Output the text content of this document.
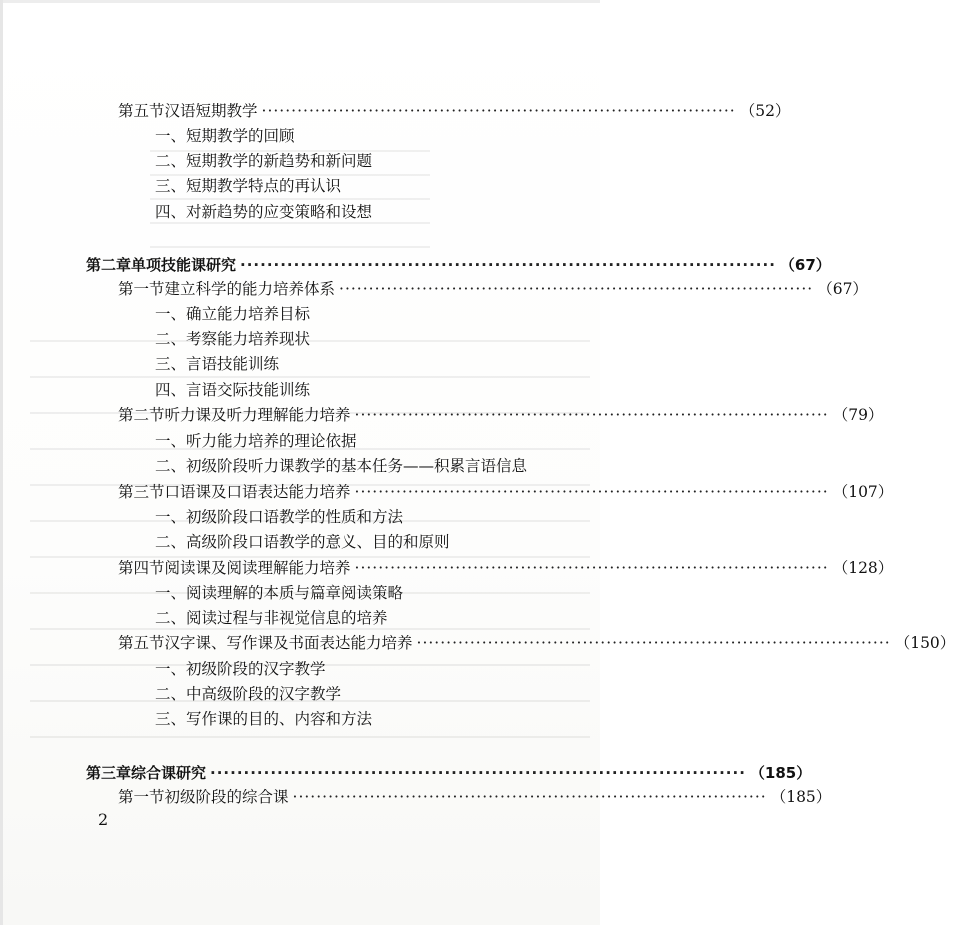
第五节 汉语短期教学 ················································································ （52）
一、短期教学的回顾
二、短期教学的新趋势和新问题
三、短期教学特点的再认识
四、对新趋势的应变策略和设想
第二章 单项技能课研究 ················································································ （67）
第一节 建立科学的能力培养体系 ················································································ （67）
一、确立能力培养目标
二、考察能力培养现状
三、言语技能训练
四、言语交际技能训练
第二节 听力课及听力理解能力培养 ················································································ （79）
一、听力能力培养的理论依据
二、初级阶段听力课教学的基本任务——积累言语信息
第三节 口语课及口语表达能力培养 ················································································ （107）
一、初级阶段口语教学的性质和方法
二、高级阶段口语教学的意义、目的和原则
第四节 阅读课及阅读理解能力培养 ················································································ （128）
一、阅读理解的本质与篇章阅读策略
二、阅读过程与非视觉信息的培养
第五节 汉字课、写作课及书面表达能力培养 ················································································ （150）
一、初级阶段的汉字教学
二、中高级阶段的汉字教学
三、写作课的目的、内容和方法
第三章 综合课研究 ················································································ （185）
第一节 初级阶段的综合课 ················································································ （185）
2
